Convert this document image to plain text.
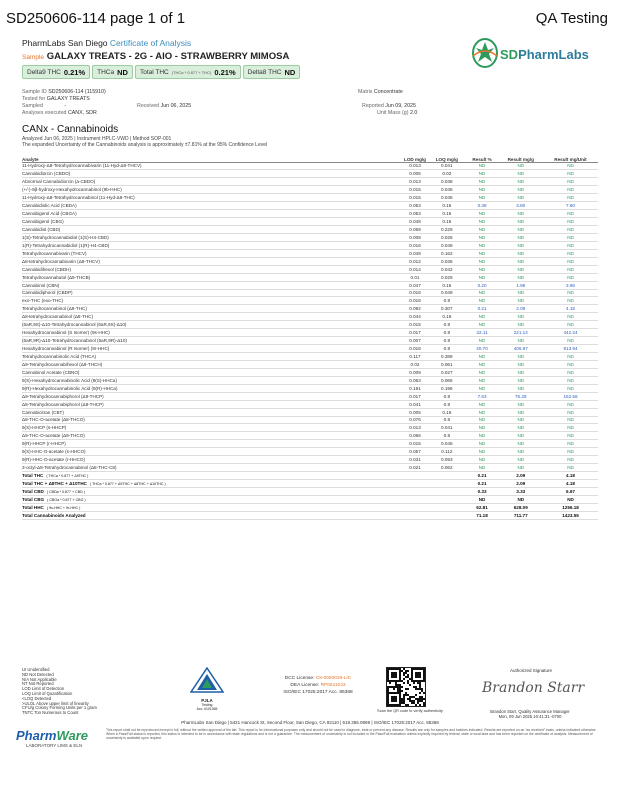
SD250606-114 page 1 of 1	QA Testing
PharmLabs San Diego Certificate of Analysis
Sample GALAXY TREATS - 2G - AIO - STRAWBERRY MIMOSA
Delta9 THC 0.21% THCa ND Total THC (THCa * 0.877 + THC) 0.21% Delta8 THC ND
SDPharmLabs
Sample ID SD250606-114 (115910)	Matrix Concentrate
Tested for GALAXY TREATS
Sampled	-	Received Jun 06, 2025	Reported Jun 09, 2025
Analyses executed CANX, SDR	Unit Mass (g) 2.0
CANx - Cannabinoids
Analyzed Jun 06, 2025 | Instrument HPLC-VWD | Method SOP-001
The expanded Uncertainty of the Cannabinoids analysis is approximately ±7.81% at the 95% Confidence Level
Analyte	LOD mg/g	LOQ mg/g	Result %	Result mg/g	Result mg/Unit
11-Hydroxy-Δ8-Tetrahydrocannabivarin (11-Hyd-Δ8-THCV)	0.013	0.041	ND	ND	ND
Cannabidiorcin (CBDO)	0.006	0.02	ND	ND	ND
Abnormal Cannabidiorcin (a-CBDO)	0.013	0.038	ND	ND	ND
(+/-)-9β-hydroxy-Hexahydrocannabinol (9b-HHC)	0.015	0.045	ND	ND	ND
11-Hydroxy-Δ8-Tetrahydrocannabinol (11-Hyd-Δ8-THC)	0.015	0.045	ND	ND	ND
Cannabidiolic Acid (CBDA)	0.053	0.16	0.38	3.80	7.60
Cannabigerol Acid (CBGA)	0.053	0.16	ND	ND	ND
Cannabigerol (CBG)	0.048	0.16	ND	ND	ND
Cannabidiol (CBD)	0.069	0.229	ND	ND	ND
1(S)-Tetrahydrocannabidiol (1(S)-H4-CBD)	0.008	0.026	ND	ND	ND
1(R)-Tetrahydrocannabidiol (1(R)-H4-CBD)	0.016	0.049	ND	ND	ND
Tetrahydrocannabivarin (THCV)	0.049	0.162	ND	ND	ND
Δ8-tetrahydrocannabivarin (Δ8-THCV)	0.012	0.036	ND	ND	ND
Cannabidihexol (CBDH)	0.014	0.042	ND	ND	ND
Tetrahydrocannabutol (Δ9-THCB)	0.01	0.029	ND	ND	ND
Cannabinol (CBN)	0.047	0.16	0.20	1.98	3.96
Cannabidiphorol (CBDP)	0.016	0.049	ND	ND	ND
exo-THC (exo-THC)	0.016	0.8	ND	ND	ND
Tetrahydrocannabinol (Δ9-THC)	0.092	0.307	0.21	2.09	4.18
Δ8-tetrahydrocannabinol (Δ8-THC)	0.044	0.16	ND	ND	ND
(6aR,9S)-Δ10-Tetrahydrocannabinol (6aR,9S)-Δ10)	0.015	0.8	ND	ND	ND
Hexahydrocannabinol (S Isomer) (9s-HHC)	0.017	0.8	22.11	221.12	442.24
(6aR,9R)-Δ10-Tetrahydrocannabinol (6aR,9R)-Δ10)	0.007	0.8	ND	ND	ND
Hexahydrocannabinol (R Isomer) (9r-HHC)	0.016	0.8	40.70	406.97	813.94
Tetrahydrocannabinolic Acid (THCA)	0.117	0.389	ND	ND	ND
Δ9-Tetrahydrocannabihexol (Δ9-THCH)	0.02	0.061	ND	ND	ND
Cannabinol Acetate (CBNO)	0.009	0.027	ND	ND	ND
9(S)-Hexahydrocannabinolic Acid (9(S)-HHCa)	0.063	0.065	ND	ND	ND
9(R)-Hexahydrocannabinolic Acid (9(R)-HHCa)	0.191	0.196	ND	ND	ND
Δ9-Tetrahydrocannabiphorol (Δ9-THCP)	0.017	0.8	7.63	76.28	152.56
Δ8-Tetrahydrocannabiphorol (Δ8-THCP)	0.041	0.8	ND	ND	ND
Cannabicitran (CBT)	0.005	0.16	ND	ND	ND
Δ8-THC-O-acetate (Δ8-THCO)	0.076	0.8	ND	ND	ND
9(S)-HHCP (s-HHCP)	0.013	0.041	ND	ND	ND
Δ9-THC-O-acetate (Δ9-THCO)	0.066	0.8	ND	ND	ND
9(R)-HHCP (r-HHCP)	0.015	0.045	ND	ND	ND
9(S)-HHC-O-acetate (s-HHCO)	0.057	0.112	ND	ND	ND
9(R)-HHC-O-acetate (r-HHCO)	0.031	0.093	ND	ND	ND
3-octyl-Δ8-Tetrahydrocannabinol (Δ8-THC-C8)	0.021	0.062	ND	ND	ND
Total THC ( THCa * 0.877 + Δ9THC )			0.21	2.09	4.18
Total THC + Δ8THC + Δ10THC ( THCa * 0.877 + Δ9THC + Δ8THC + Δ10THC )			0.21	2.09	4.18
Total CBD ( CBDa * 0.877 + CBD )			0.33	3.33	6.67
Total CBG ( CBGa * 0.877 + CBG )			ND	ND	ND
Total HHC ( 9s-HHC + 9r-HHC )			62.81	628.09	1256.18
Total Cannabinoids Analyzed			71.18	711.77	1423.55
UI Unidentified
ND Not Detected
N/A Not Applicable
NT Not Reported
LOD Limit of Detection
LOQ Limit of Quantification
<LOQ Detected
>ULOL Above upper limit of linearity
CFU/g Colony Forming Units per 1 gram
TNTC Too Numerous to Count
PharmWare
LABORATORY LIMS & ELN
PJLA
Testing
Acc. #101365
DCC License: C8-0000018-LIC
DEA License: RP0611043
ISO/IEC 17025:2017 Acc. 85368
Scan the QR code to verify authenticity
Authorized Signature
Brandon Starr
Brandon Starr, Quality Assurance Manager
Mon, 09 Jun 2025 10:41:31 -0700
PharmLabs San Diego | 5421 Hancock St, Second Floor, San Diego, CA 92110 | 619.356.0898 | ISO/IEC 17025:2017 Acc. 85368
This report shall not be reproduced except in full, without the written approval of the lab. This report is for informational purposes only and should not be used to diagnose, treat or prevent any disease. Results are only for samples and batches indicated. Results are reported on an "as received" basis, unless indicated otherwise. When a Pass/Fail status is reported, this status is intended to be in accordance with state regulations and is not a guarantee. The measurement of uncertainty is not included in the Pass/Fail evaluation unless explicitly required by federal, state or local laws and has been reported on the certificate of analysis. Measurement of uncertainty is available upon request.
